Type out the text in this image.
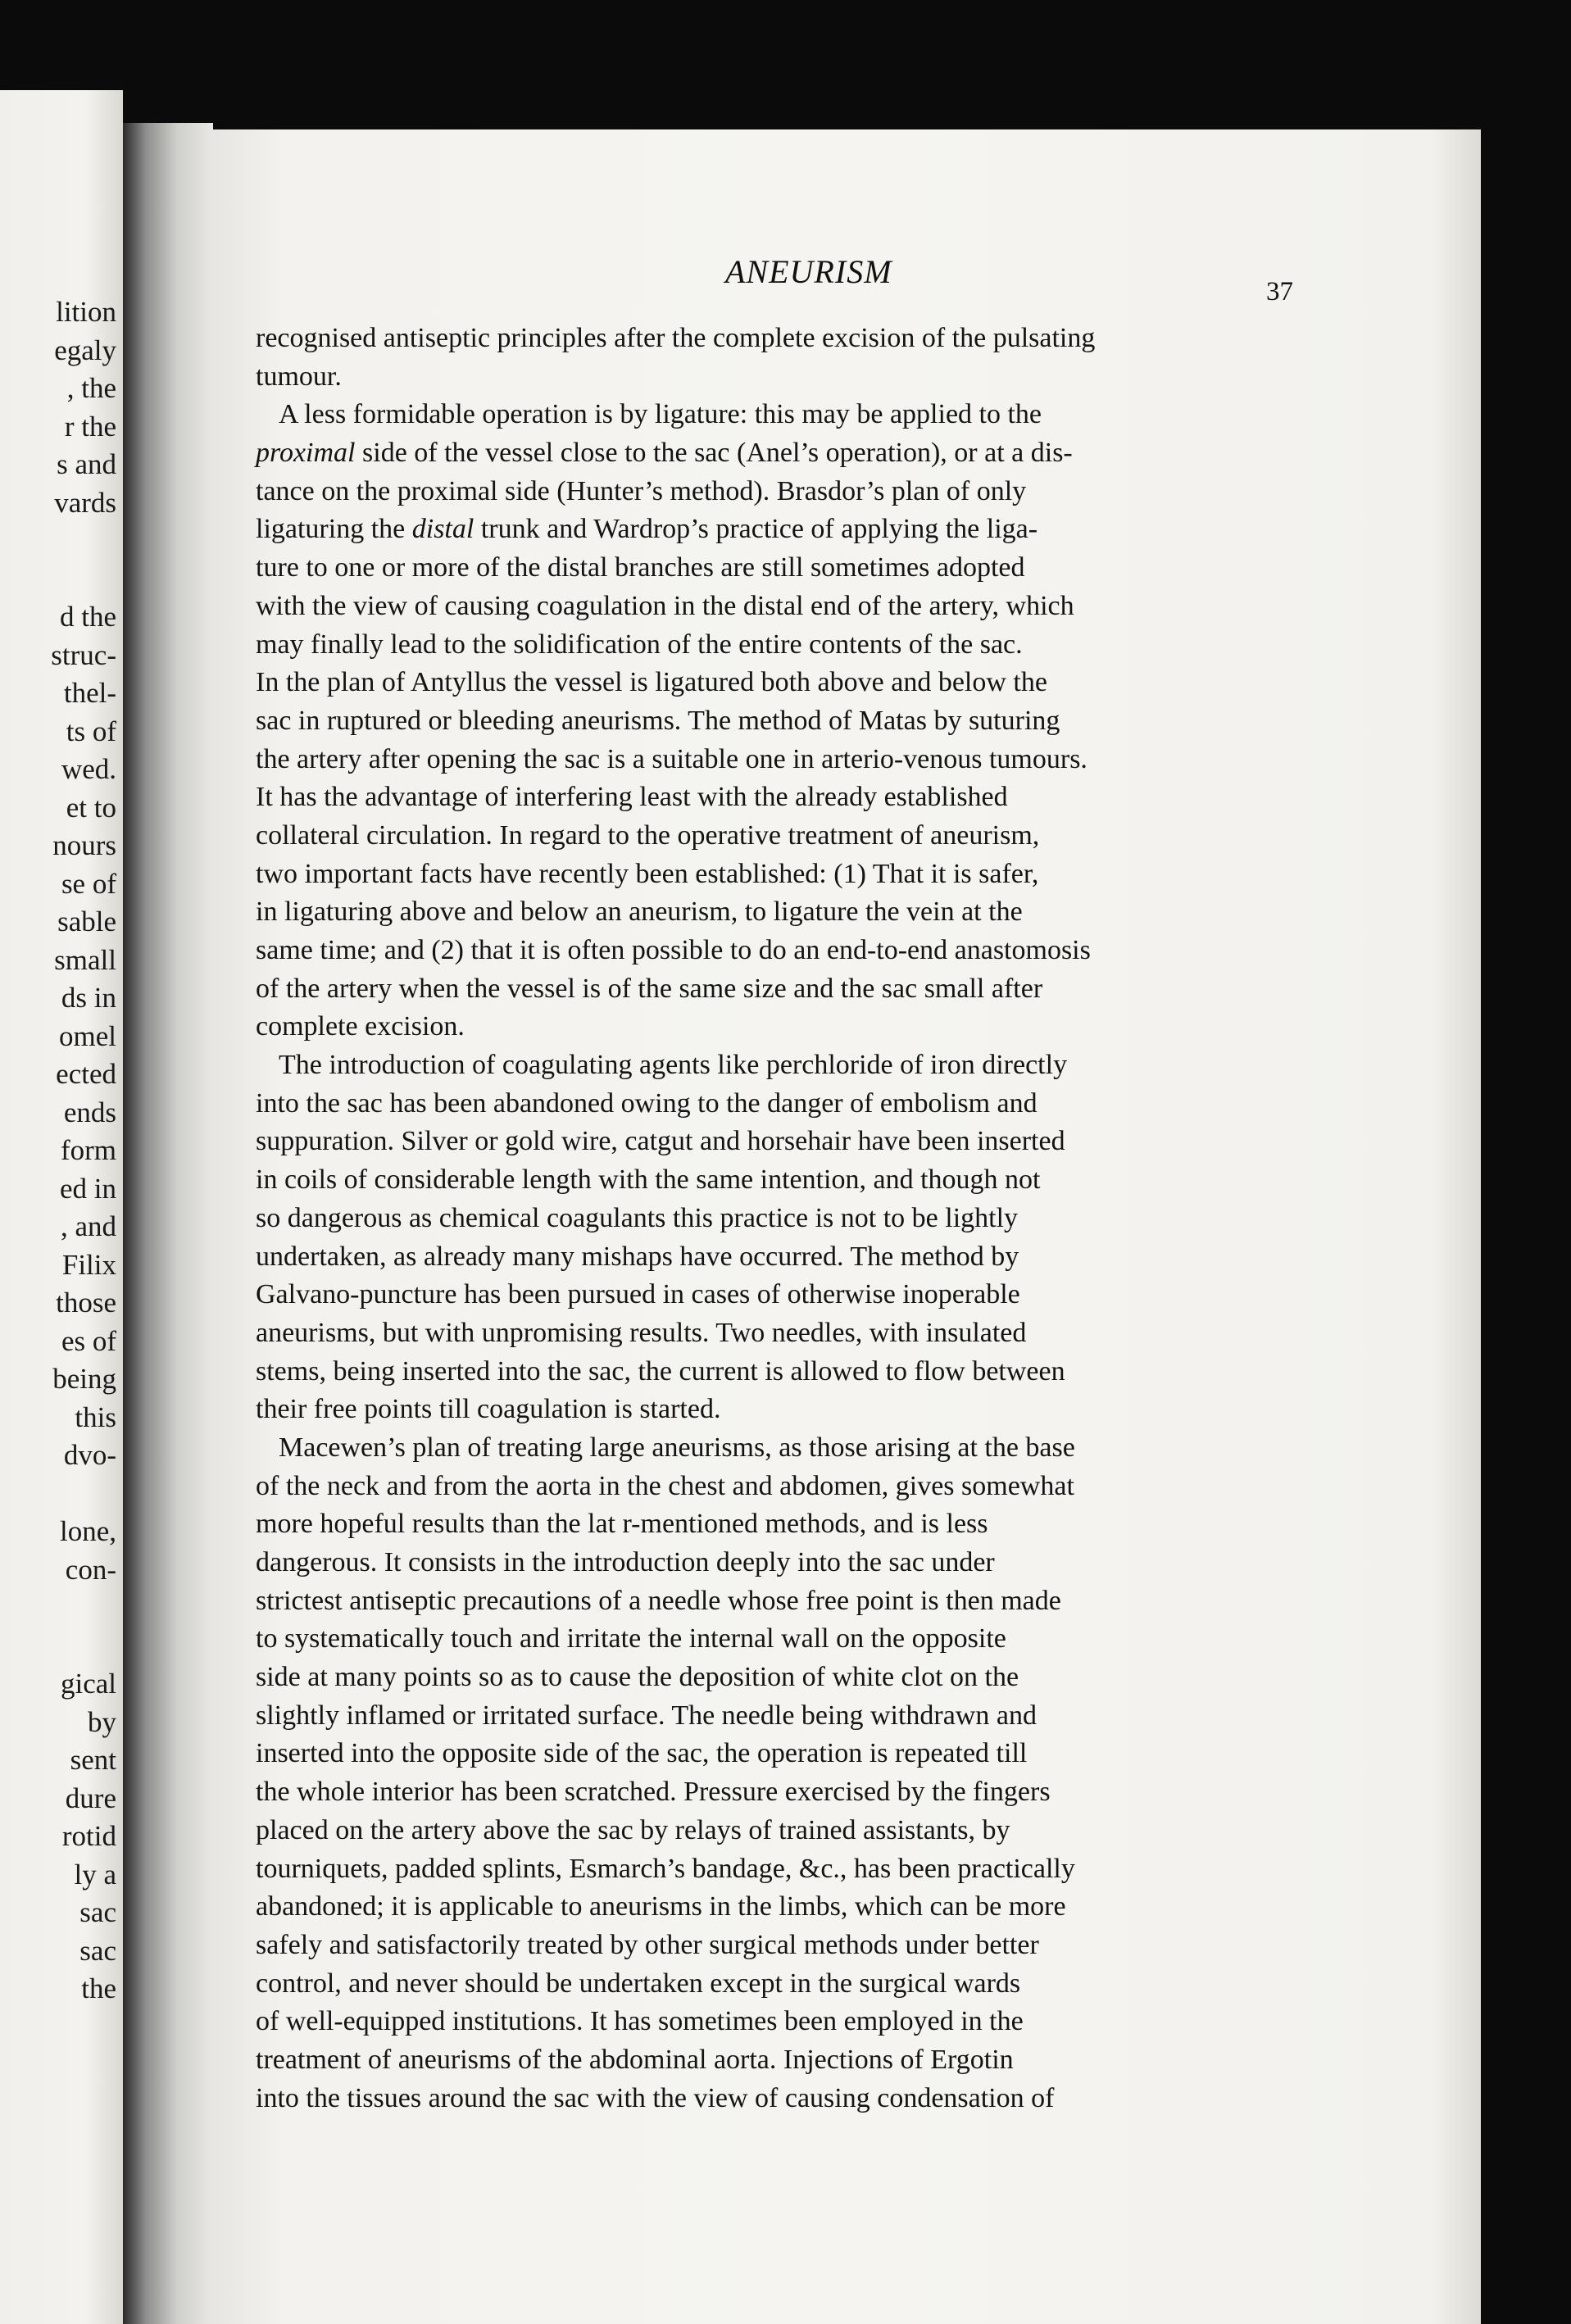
lition
egaly
, the
r the
s and
vards
d the
struc-
thel-
ts of
wed.
et to
nours
se of
sable
small
ds in
omel
ected
ends
form
ed in
, and
Filix
those
es of
being
this
dvo-
lone,
con-
gical
by
sent
dure
rotid
ly a
sac
sac
the
ANEURISM
37
recognised antiseptic principles after the complete excision of the pulsating
tumour.
A less formidable operation is by ligature: this may be applied to the
proximal side of the vessel close to the sac (Anel’s operation), or at a dis-
tance on the proximal side (Hunter’s method). Brasdor’s plan of only
ligaturing the distal trunk and Wardrop’s practice of applying the liga-
ture to one or more of the distal branches are still sometimes adopted
with the view of causing coagulation in the distal end of the artery, which
may finally lead to the solidification of the entire contents of the sac.
In the plan of Antyllus the vessel is ligatured both above and below the
sac in ruptured or bleeding aneurisms. The method of Matas by suturing
the artery after opening the sac is a suitable one in arterio-venous tumours.
It has the advantage of interfering least with the already established
collateral circulation. In regard to the operative treatment of aneurism,
two important facts have recently been established: (1) That it is safer,
in ligaturing above and below an aneurism, to ligature the vein at the
same time; and (2) that it is often possible to do an end-to-end anastomosis
of the artery when the vessel is of the same size and the sac small after
complete excision.
The introduction of coagulating agents like perchloride of iron directly
into the sac has been abandoned owing to the danger of embolism and
suppuration. Silver or gold wire, catgut and horsehair have been inserted
in coils of considerable length with the same intention, and though not
so dangerous as chemical coagulants this practice is not to be lightly
undertaken, as already many mishaps have occurred. The method by
Galvano-puncture has been pursued in cases of otherwise inoperable
aneurisms, but with unpromising results. Two needles, with insulated
stems, being inserted into the sac, the current is allowed to flow between
their free points till coagulation is started.
Macewen’s plan of treating large aneurisms, as those arising at the base
of the neck and from the aorta in the chest and abdomen, gives somewhat
more hopeful results than the lat r-mentioned methods, and is less
dangerous. It consists in the introduction deeply into the sac under
strictest antiseptic precautions of a needle whose free point is then made
to systematically touch and irritate the internal wall on the opposite
side at many points so as to cause the deposition of white clot on the
slightly inflamed or irritated surface. The needle being withdrawn and
inserted into the opposite side of the sac, the operation is repeated till
the whole interior has been scratched. Pressure exercised by the fingers
placed on the artery above the sac by relays of trained assistants, by
tourniquets, padded splints, Esmarch’s bandage, &c., has been practically
abandoned; it is applicable to aneurisms in the limbs, which can be more
safely and satisfactorily treated by other surgical methods under better
control, and never should be undertaken except in the surgical wards
of well-equipped institutions. It has sometimes been employed in the
treatment of aneurisms of the abdominal aorta. Injections of Ergotin
into the tissues around the sac with the view of causing condensation of
